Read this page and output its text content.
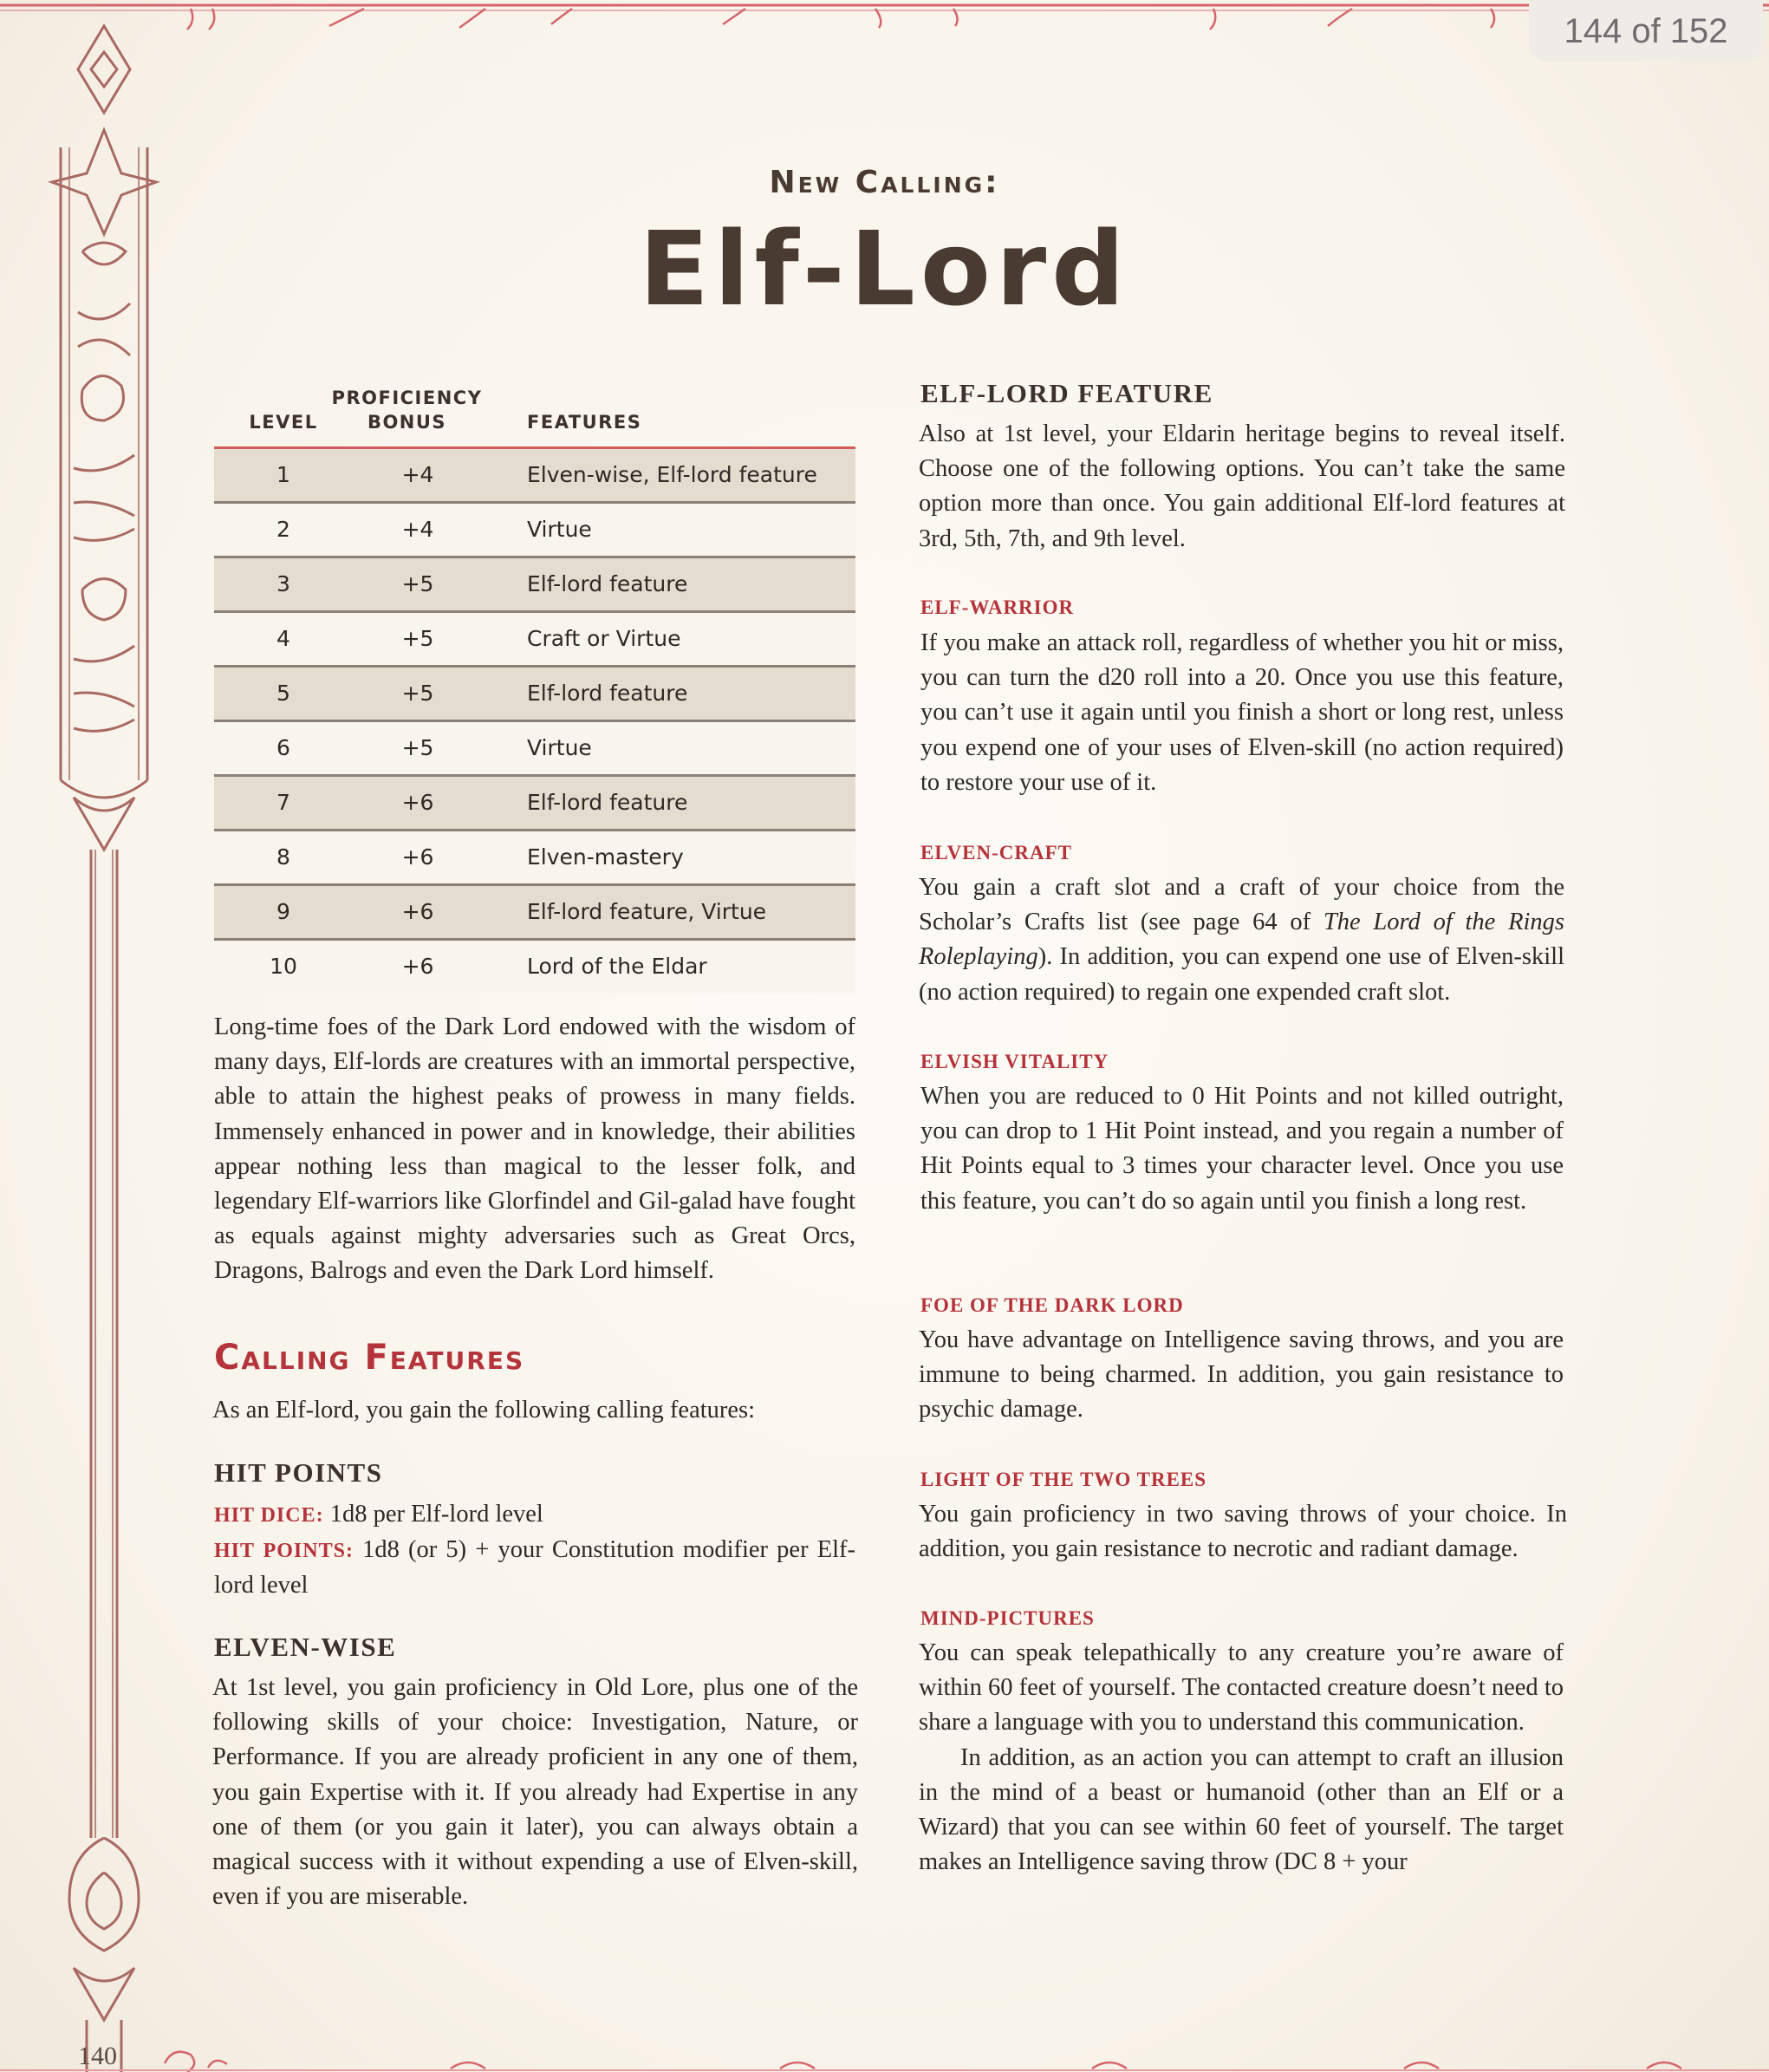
144 of 152
140
New Calling:
Elf-Lord
LEVEL
PROFICIENCY
BONUS	FEATURES
1	+4	Elven-wise, Elf-lord feature
2	+4	Virtue
3	+5	Elf-lord feature
4	+5	Craft or Virtue
5	+5	Elf-lord feature
6	+5	Virtue
7	+6	Elf-lord feature
8	+6	Elven-mastery
9	+6	Elf-lord feature, Virtue
10	+6	Lord of the Eldar
Long-time foes of the Dark Lord endowed with the wisdom of many days, Elf-lords are creatures with an immortal perspective, able to attain the highest peaks of prowess in many fields. Immensely enhanced in power and in knowledge, their abilities appear nothing less than magical to the lesser folk, and legendary Elf-warriors like Glorfindel and Gil-galad have fought as equals against mighty adversaries such as Great Orcs, Dragons, Balrogs and even the Dark Lord himself.
Calling Features
As an Elf-lord, you gain the following calling features:
HIT POINTS
HIT DICE: 1d8 per Elf-lord level
HIT POINTS: 1d8 (or 5) + your Constitution modifier per Elf-lord level
ELVEN-WISE
At 1st level, you gain proficiency in Old Lore, plus one of the following skills of your choice: Investigation, Nature, or Performance. If you are already proficient in any one of them, you gain Expertise with it. If you already had Expertise in any one of them (or you gain it later), you can always obtain a magical success with it without expending a use of Elven-skill, even if you are miserable.
ELF-LORD FEATURE
Also at 1st level, your Eldarin heritage begins to reveal itself. Choose one of the following options. You can’t take the same option more than once. You gain additional Elf-lord features at 3rd, 5th, 7th, and 9th level.
ELF-WARRIOR
If you make an attack roll, regardless of whether you hit or miss, you can turn the d20 roll into a 20. Once you use this feature, you can’t use it again until you finish a short or long rest, unless you expend one of your uses of Elven-skill (no action required) to restore your use of it.
ELVEN-CRAFT
You gain a craft slot and a craft of your choice from the Scholar’s Crafts list (see page 64 of The Lord of the Rings Roleplaying). In addition, you can expend one use of Elven-skill (no action required) to regain one expended craft slot.
ELVISH VITALITY
When you are reduced to 0 Hit Points and not killed outright, you can drop to 1 Hit Point instead, and you regain a number of Hit Points equal to 3 times your character level. Once you use this feature, you can’t do so again until you finish a long rest.
FOE OF THE DARK LORD
You have advantage on Intelligence saving throws, and you are immune to being charmed. In addition, you gain resistance to psychic damage.
LIGHT OF THE TWO TREES
You gain proficiency in two saving throws of your choice. In addition, you gain resistance to necrotic and radiant damage.
MIND-PICTURES
You can speak telepathically to any creature you’re aware of within 60 feet of yourself. The contacted creature doesn’t need to share a language with you to understand this communication.
In addition, as an action you can attempt to craft an illusion in the mind of a beast or humanoid (other than an Elf or a Wizard) that you can see within 60 feet of yourself. The target makes an Intelligence saving throw (DC 8 + your
